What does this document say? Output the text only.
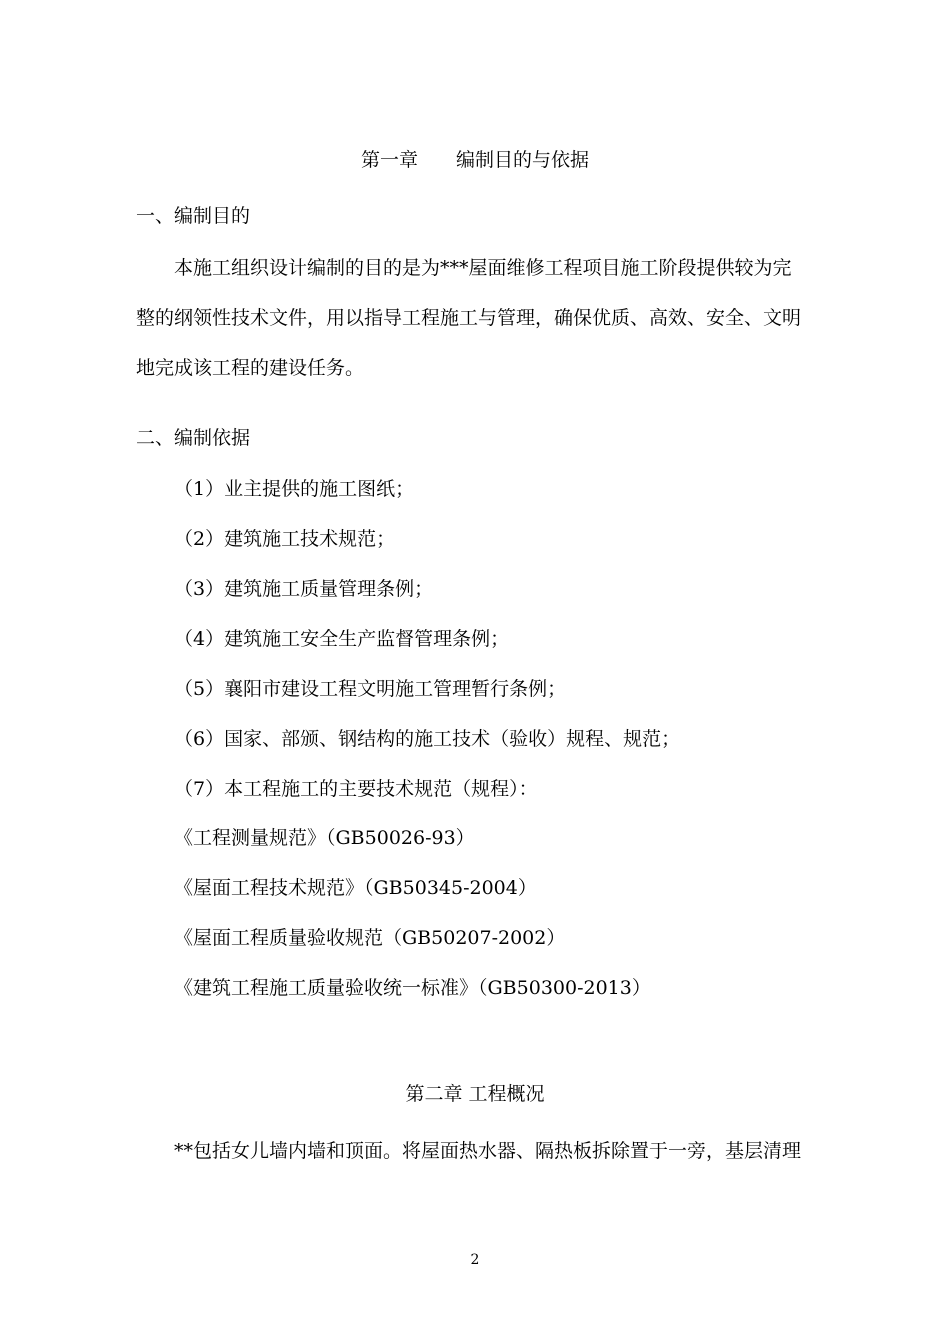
第一章　　编制目的与依据
一、编制目的
本施工组织设计编制的目的是为***屋面维修工程项目施工阶段提供较为完
整的纲领性技术文件，用以指导工程施工与管理，确保优质、高效、安全、文明
地完成该工程的建设任务。
二、编制依据
（1）业主提供的施工图纸；
（2）建筑施工技术规范；
（3）建筑施工质量管理条例；
（4）建筑施工安全生产监督管理条例；
（5）襄阳市建设工程文明施工管理暂行条例；
（6）国家、部颁、钢结构的施工技术（验收）规程、规范；
（7）本工程施工的主要技术规范（规程）：
《工程测量规范》（GB50026-93）
《屋面工程技术规范》（GB50345-2004）
《屋面工程质量验收规范（GB50207-2002）
《建筑工程施工质量验收统一标准》（GB50300-2013）
第二章 工程概况
**包括女儿墙内墙和顶面。将屋面热水器、隔热板拆除置于一旁，基层清理
2
